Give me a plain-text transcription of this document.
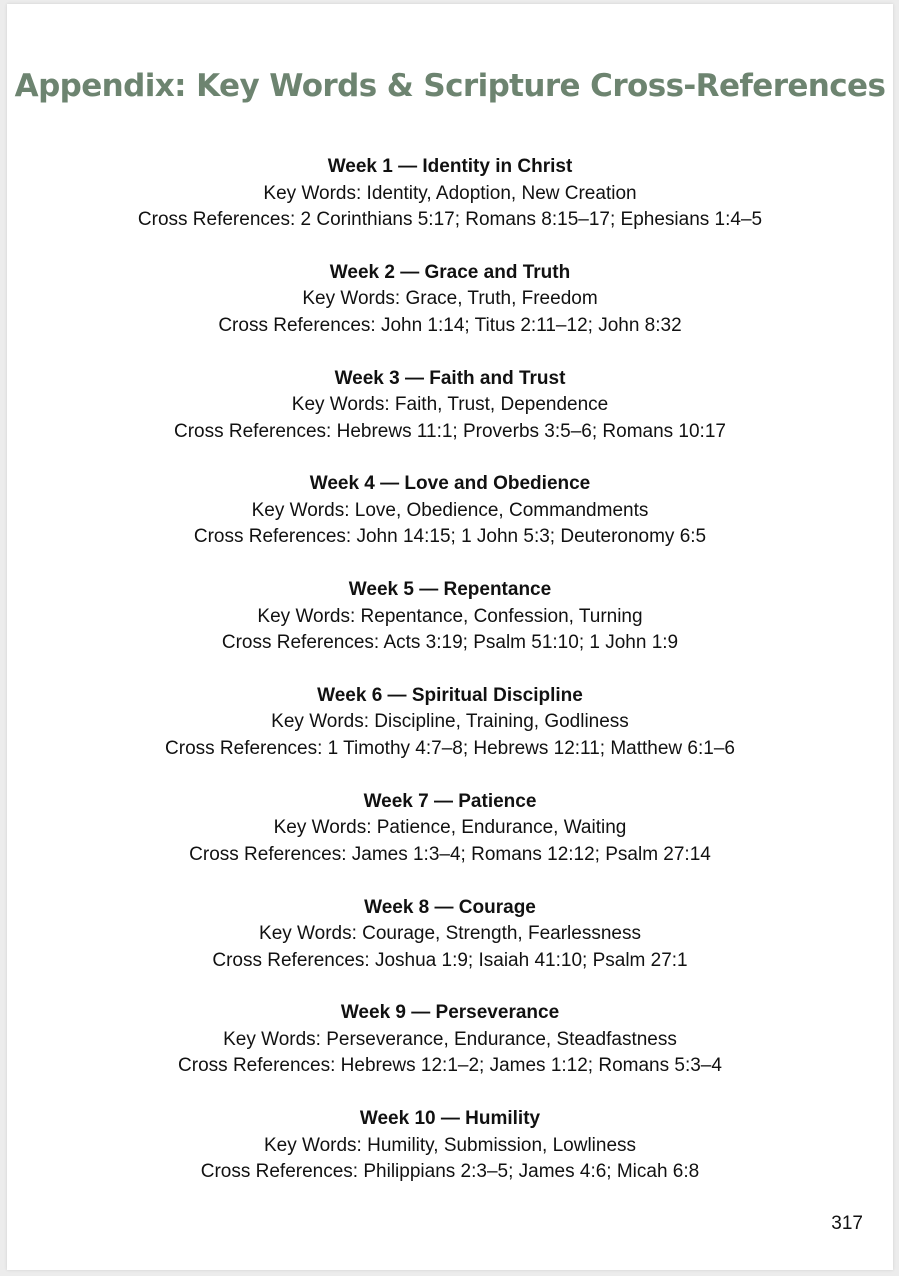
Appendix: Key Words & Scripture Cross-References
Week 1 — Identity in Christ
Key Words: Identity, Adoption, New Creation
Cross References: 2 Corinthians 5:17; Romans 8:15–17; Ephesians 1:4–5
Week 2 — Grace and Truth
Key Words: Grace, Truth, Freedom
Cross References: John 1:14; Titus 2:11–12; John 8:32
Week 3 — Faith and Trust
Key Words: Faith, Trust, Dependence
Cross References: Hebrews 11:1; Proverbs 3:5–6; Romans 10:17
Week 4 — Love and Obedience
Key Words: Love, Obedience, Commandments
Cross References: John 14:15; 1 John 5:3; Deuteronomy 6:5
Week 5 — Repentance
Key Words: Repentance, Confession, Turning
Cross References: Acts 3:19; Psalm 51:10; 1 John 1:9
Week 6 — Spiritual Discipline
Key Words: Discipline, Training, Godliness
Cross References: 1 Timothy 4:7–8; Hebrews 12:11; Matthew 6:1–6
Week 7 — Patience
Key Words: Patience, Endurance, Waiting
Cross References: James 1:3–4; Romans 12:12; Psalm 27:14
Week 8 — Courage
Key Words: Courage, Strength, Fearlessness
Cross References: Joshua 1:9; Isaiah 41:10; Psalm 27:1
Week 9 — Perseverance
Key Words: Perseverance, Endurance, Steadfastness
Cross References: Hebrews 12:1–2; James 1:12; Romans 5:3–4
Week 10 — Humility
Key Words: Humility, Submission, Lowliness
Cross References: Philippians 2:3–5; James 4:6; Micah 6:8
317
